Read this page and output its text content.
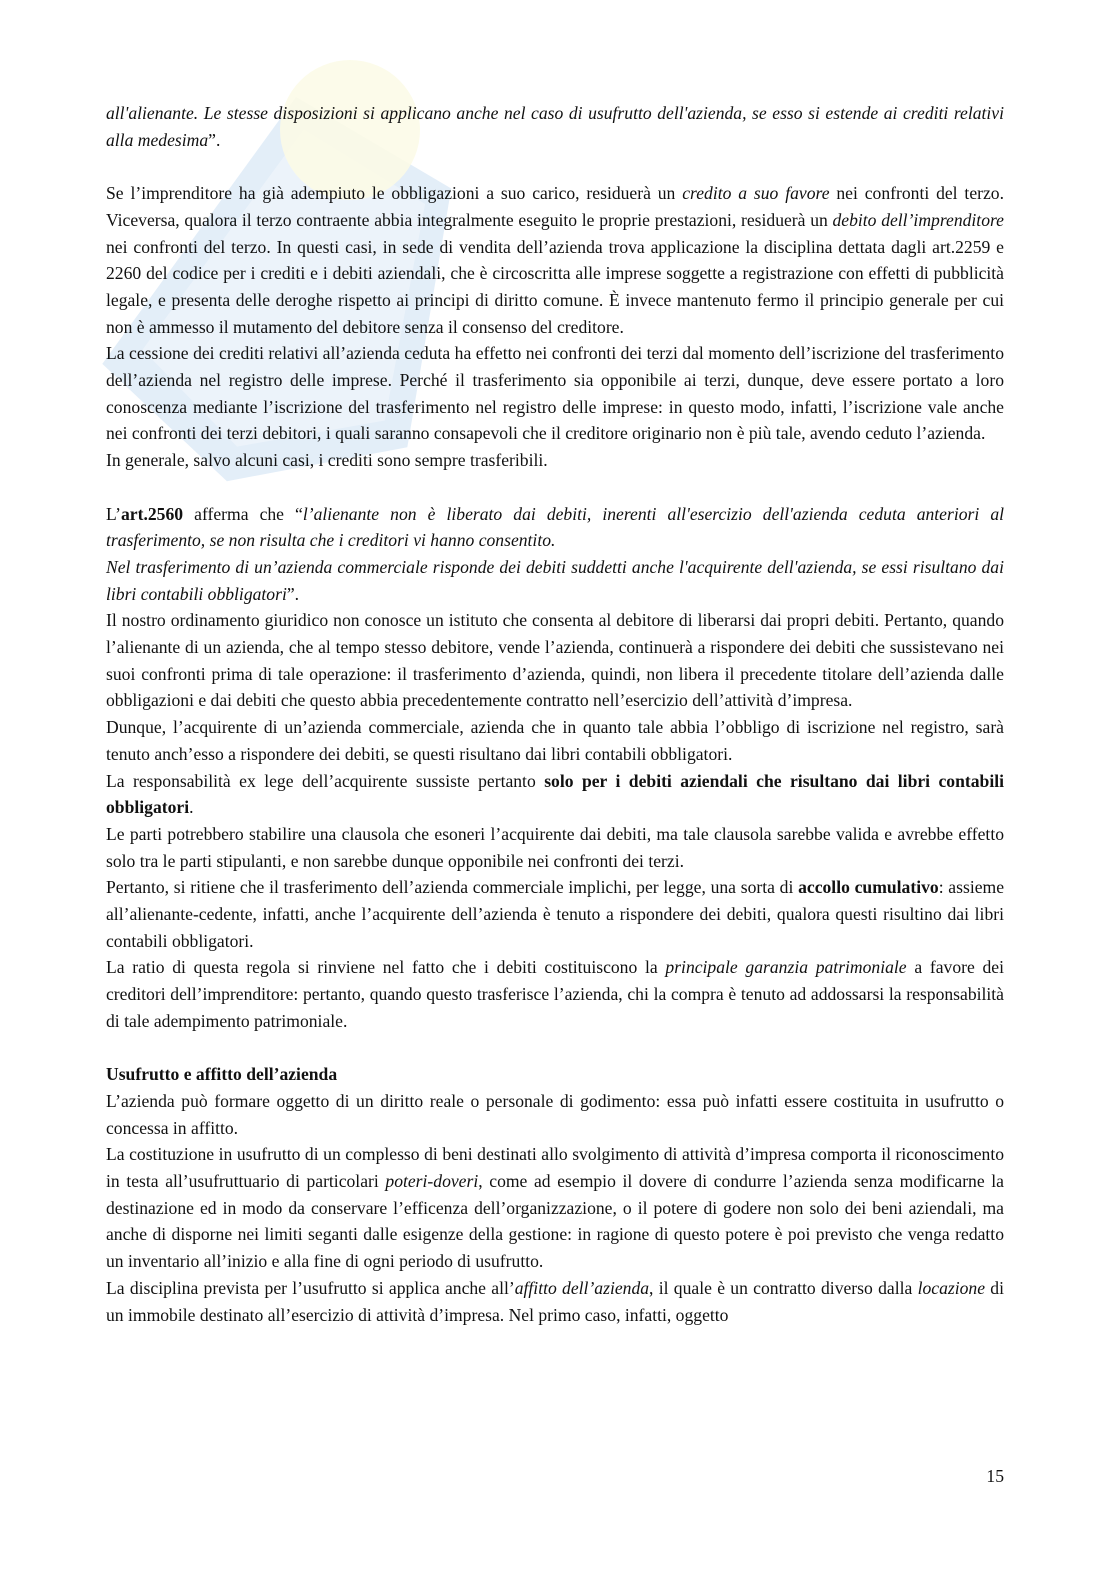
all'alienante. Le stesse disposizioni si applicano anche nel caso di usufrutto dell'azienda, se esso si estende ai crediti relativi alla medesima”.

Se l’imprenditore ha già adempiuto le obbligazioni a suo carico, residuerà un credito a suo favore nei confronti del terzo. Viceversa, qualora il terzo contraente abbia integralmente eseguito le proprie prestazioni, residuerà un debito dell’imprenditore nei confronti del terzo. In questi casi, in sede di vendita dell’azienda trova applicazione la disciplina dettata dagli art.2259 e 2260 del codice per i crediti e i debiti aziendali, che è circoscritta alle imprese soggette a registrazione con effetti di pubblicità legale, e presenta delle deroghe rispetto ai principi di diritto comune. È invece mantenuto fermo il principio generale per cui non è ammesso il mutamento del debitore senza il consenso del creditore.

La cessione dei crediti relativi all’azienda ceduta ha effetto nei confronti dei terzi dal momento dell’iscrizione del trasferimento dell’azienda nel registro delle imprese. Perché il trasferimento sia opponibile ai terzi, dunque, deve essere portato a loro conoscenza mediante l’iscrizione del trasferimento nel registro delle imprese: in questo modo, infatti, l’iscrizione vale anche nei confronti dei terzi debitori, i quali saranno consapevoli che il creditore originario non è più tale, avendo ceduto l’azienda.

In generale, salvo alcuni casi, i crediti sono sempre trasferibili.

L’art.2560 afferma che “l’alienante non è liberato dai debiti, inerenti all'esercizio dell'azienda ceduta anteriori al trasferimento, se non risulta che i creditori vi hanno consentito.

Nel trasferimento di un’azienda commerciale risponde dei debiti suddetti anche l'acquirente dell'azienda, se essi risultano dai libri contabili obbligatori”.

Il nostro ordinamento giuridico non conosce un istituto che consenta al debitore di liberarsi dai propri debiti. Pertanto, quando l’alienante di un azienda, che al tempo stesso debitore, vende l’azienda, continuerà a rispondere dei debiti che sussistevano nei suoi confronti prima di tale operazione: il trasferimento d’azienda, quindi, non libera il precedente titolare dell’azienda dalle obbligazioni e dai debiti che questo abbia precedentemente contratto nell’esercizio dell’attività d’impresa.

Dunque, l’acquirente di un’azienda commerciale, azienda che in quanto tale abbia l’obbligo di iscrizione nel registro, sarà tenuto anch’esso a rispondere dei debiti, se questi risultano dai libri contabili obbligatori.

La responsabilità ex lege dell’acquirente sussiste pertanto solo per i debiti aziendali che risultano dai libri contabili obbligatori.

Le parti potrebbero stabilire una clausola che esoneri l’acquirente dai debiti, ma tale clausola sarebbe valida e avrebbe effetto solo tra le parti stipulanti, e non sarebbe dunque opponibile nei confronti dei terzi.

Pertanto, si ritiene che il trasferimento dell’azienda commerciale implichi, per legge, una sorta di accollo cumulativo: assieme all’alienante-cedente, infatti, anche l’acquirente dell’azienda è tenuto a rispondere dei debiti, qualora questi risultino dai libri contabili obbligatori.

La ratio di questa regola si rinviene nel fatto che i debiti costituiscono la principale garanzia patrimoniale a favore dei creditori dell’imprenditore: pertanto, quando questo trasferisce l’azienda, chi la compra è tenuto ad addossarsi la responsabilità di tale adempimento patrimoniale.

Usufrutto e affitto dell’azienda

L’azienda può formare oggetto di un diritto reale o personale di godimento: essa può infatti essere costituita in usufrutto o concessa in affitto.

La costituzione in usufrutto di un complesso di beni destinati allo svolgimento di attività d’impresa comporta il riconoscimento in testa all’usufruttuario di particolari poteri-doveri, come ad esempio il dovere di condurre l’azienda senza modificarne la destinazione ed in modo da conservare l’efficenza dell’organizzazione, o il potere di godere non solo dei beni aziendali, ma anche di disporne nei limiti seganti dalle esigenze della gestione: in ragione di questo potere è poi previsto che venga redatto un inventario all’inizio e alla fine di ogni periodo di usufrutto.

La disciplina prevista per l’usufrutto si applica anche all’affitto dell’azienda, il quale è un contratto diverso dalla locazione di un immobile destinato all’esercizio di attività d’impresa. Nel primo caso, infatti, oggetto

15
